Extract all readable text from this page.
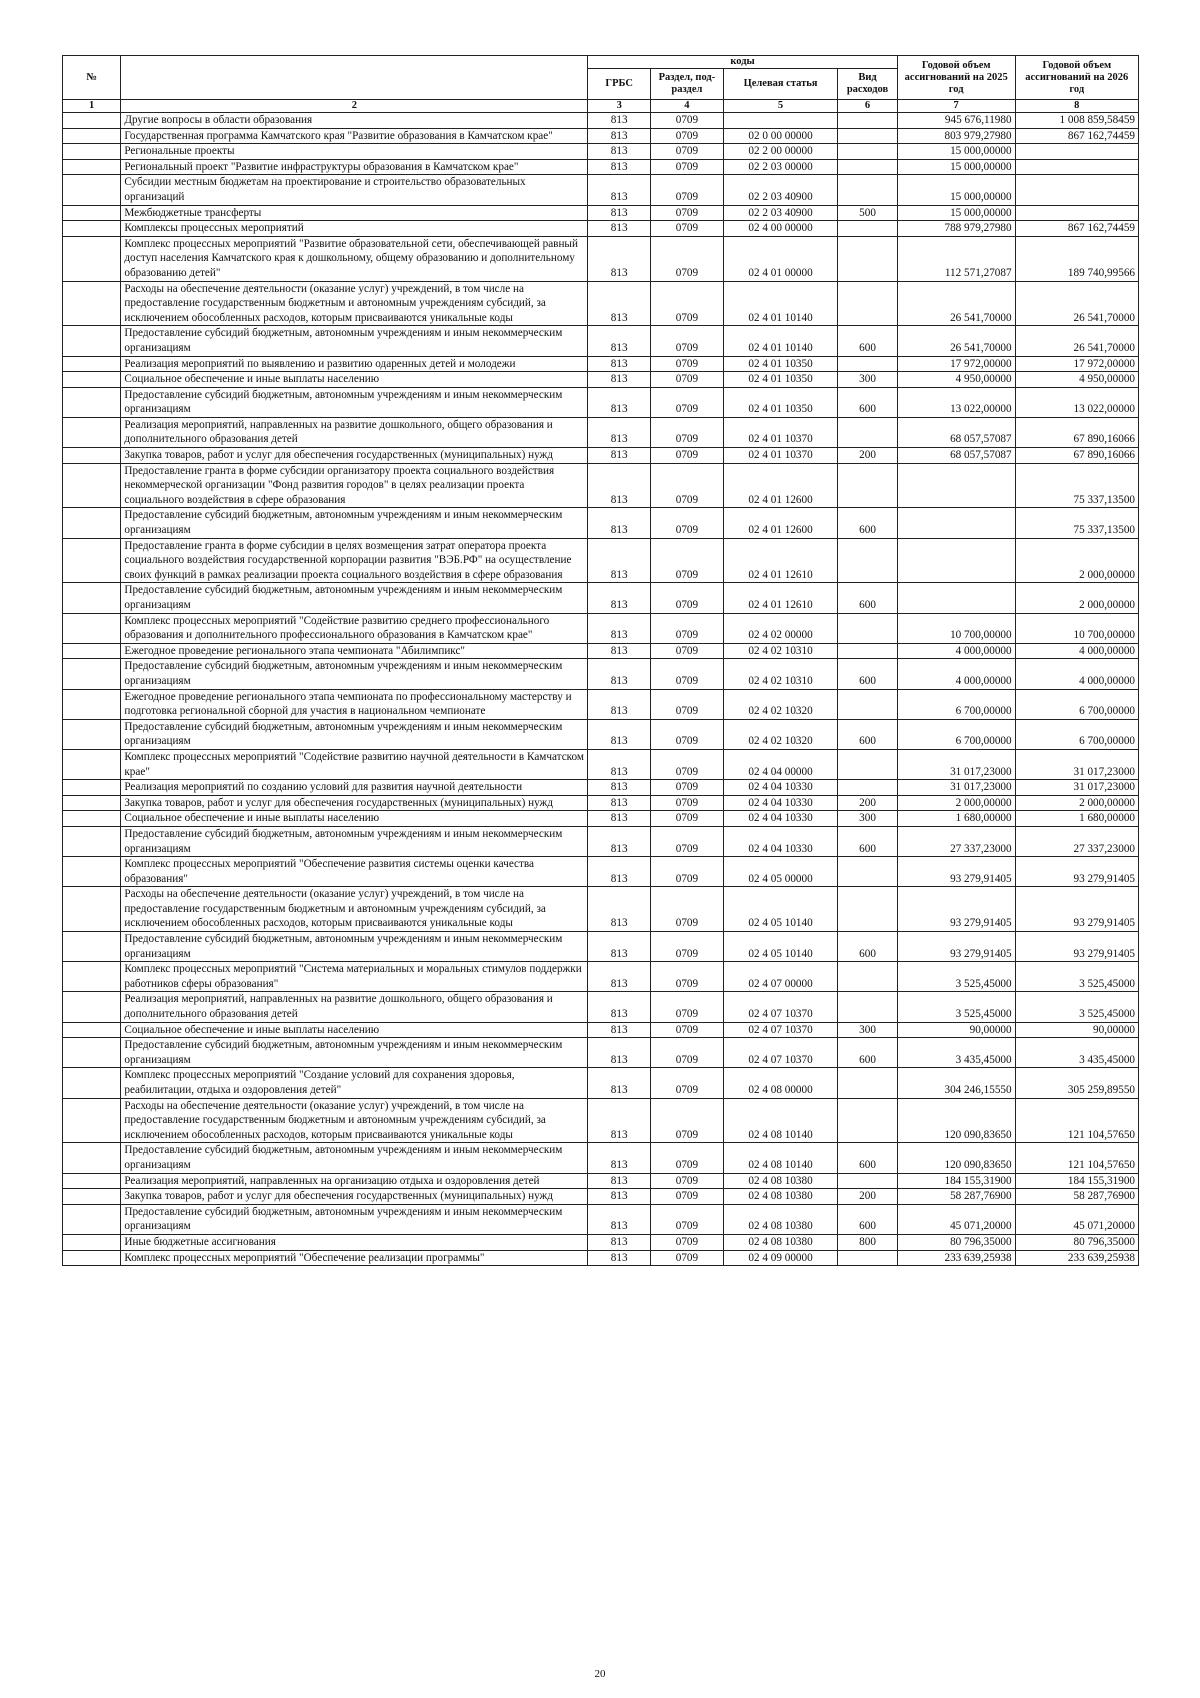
№		коды				Годовой объем ассигнований на 2025 год	Годовой объем ассигнований на 2026 год
		ГРБС	Раздел, под-раздел	Целевая статья	Вид расходов		
1	2	3	4	5	6	7	8
	Другие вопросы в области образования	813	0709			945 676,11980	1 008 859,58459
	Государственная программа Камчатского края "Развитие образования в Камчатском крае"	813	0709	02 0 00 00000		803 979,27980	867 162,74459
	Региональные проекты	813	0709	02 2 00 00000		15 000,00000	
	Региональный проект "Развитие инфраструктуры образования в Камчатском крае"	813	0709	02 2 03 00000		15 000,00000	
	Субсидии местным бюджетам на проектирование и строительство образовательных организаций	813	0709	02 2 03 40900		15 000,00000	
	Межбюджетные трансферты	813	0709	02 2 03 40900	500	15 000,00000	
	Комплексы процессных мероприятий	813	0709	02 4 00 00000		788 979,27980	867 162,74459
	Комплекс процессных мероприятий "Развитие образовательной сети, обеспечивающей равный доступ населения Камчатского края к дошкольному, общему образованию и дополнительному образованию детей"	813	0709	02 4 01 00000		112 571,27087	189 740,99566
	Расходы на обеспечение деятельности (оказание услуг) учреждений, в том числе на предоставление государственным бюджетным и автономным учреждениям субсидий, за исключением обособленных расходов, которым присваиваются уникальные коды	813	0709	02 4 01 10140		26 541,70000	26 541,70000
	Предоставление субсидий бюджетным, автономным учреждениям и иным некоммерческим организациям	813	0709	02 4 01 10140	600	26 541,70000	26 541,70000
	Реализация мероприятий по выявлению и развитию одаренных детей и молодежи	813	0709	02 4 01 10350		17 972,00000	17 972,00000
	Социальное обеспечение и иные выплаты населению	813	0709	02 4 01 10350	300	4 950,00000	4 950,00000
	Предоставление субсидий бюджетным, автономным учреждениям и иным некоммерческим организациям	813	0709	02 4 01 10350	600	13 022,00000	13 022,00000
	Реализация мероприятий, направленных на развитие дошкольного, общего образования и дополнительного образования детей	813	0709	02 4 01 10370		68 057,57087	67 890,16066
	Закупка товаров, работ и услуг для обеспечения государственных (муниципальных) нужд	813	0709	02 4 01 10370	200	68 057,57087	67 890,16066
	Предоставление гранта в форме субсидии организатору проекта социального воздействия некоммерческой организации "Фонд развития городов" в целях реализации проекта социального воздействия в сфере образования	813	0709	02 4 01 12600			75 337,13500
	Предоставление субсидий бюджетным, автономным учреждениям и иным некоммерческим организациям	813	0709	02 4 01 12600	600		75 337,13500
	Предоставление гранта в форме субсидии в целях возмещения затрат оператора проекта социального воздействия государственной корпорации развития "ВЭБ.РФ" на осуществление своих функций в рамках реализации проекта социального воздействия в сфере образования	813	0709	02 4 01 12610			2 000,00000
	Предоставление субсидий бюджетным, автономным учреждениям и иным некоммерческим организациям	813	0709	02 4 01 12610	600		2 000,00000
	Комплекс процессных мероприятий "Содействие развитию среднего профессионального образования и дополнительного профессионального образования в Камчатском крае"	813	0709	02 4 02 00000		10 700,00000	10 700,00000
	Ежегодное проведение регионального этапа чемпионата "Абилимпикс"	813	0709	02 4 02 10310		4 000,00000	4 000,00000
	Предоставление субсидий бюджетным, автономным учреждениям и иным некоммерческим организациям	813	0709	02 4 02 10310	600	4 000,00000	4 000,00000
	Ежегодное проведение регионального этапа чемпионата по профессиональному мастерству и подготовка региональной сборной для участия в национальном чемпионате	813	0709	02 4 02 10320		6 700,00000	6 700,00000
	Предоставление субсидий бюджетным, автономным учреждениям и иным некоммерческим организациям	813	0709	02 4 02 10320	600	6 700,00000	6 700,00000
	Комплекс процессных мероприятий "Содействие развитию научной деятельности в Камчатском крае"	813	0709	02 4 04 00000		31 017,23000	31 017,23000
	Реализация мероприятий по созданию условий для развития научной деятельности	813	0709	02 4 04 10330		31 017,23000	31 017,23000
	Закупка товаров, работ и услуг для обеспечения государственных (муниципальных) нужд	813	0709	02 4 04 10330	200	2 000,00000	2 000,00000
	Социальное обеспечение и иные выплаты населению	813	0709	02 4 04 10330	300	1 680,00000	1 680,00000
	Предоставление субсидий бюджетным, автономным учреждениям и иным некоммерческим организациям	813	0709	02 4 04 10330	600	27 337,23000	27 337,23000
	Комплекс процессных мероприятий "Обеспечение развития системы оценки качества образования"	813	0709	02 4 05 00000		93 279,91405	93 279,91405
	Расходы на обеспечение деятельности (оказание услуг) учреждений, в том числе на предоставление государственным бюджетным и автономным учреждениям субсидий, за исключением обособленных расходов, которым присваиваются уникальные коды	813	0709	02 4 05 10140		93 279,91405	93 279,91405
	Предоставление субсидий бюджетным, автономным учреждениям и иным некоммерческим организациям	813	0709	02 4 05 10140	600	93 279,91405	93 279,91405
	Комплекс процессных мероприятий "Система материальных и моральных стимулов поддержки работников сферы образования"	813	0709	02 4 07 00000		3 525,45000	3 525,45000
	Реализация мероприятий, направленных на развитие дошкольного, общего образования и дополнительного образования детей	813	0709	02 4 07 10370		3 525,45000	3 525,45000
	Социальное обеспечение и иные выплаты населению	813	0709	02 4 07 10370	300	90,00000	90,00000
	Предоставление субсидий бюджетным, автономным учреждениям и иным некоммерческим организациям	813	0709	02 4 07 10370	600	3 435,45000	3 435,45000
	Комплекс процессных мероприятий "Создание условий для сохранения здоровья, реабилитации, отдыха и оздоровления детей"	813	0709	02 4 08 00000		304 246,15550	305 259,89550
	Расходы на обеспечение деятельности (оказание услуг) учреждений, в том числе на предоставление государственным бюджетным и автономным учреждениям субсидий, за исключением обособленных расходов, которым присваиваются уникальные коды	813	0709	02 4 08 10140		120 090,83650	121 104,57650
	Предоставление субсидий бюджетным, автономным учреждениям и иным некоммерческим организациям	813	0709	02 4 08 10140	600	120 090,83650	121 104,57650
	Реализация мероприятий, направленных на организацию отдыха и оздоровления детей	813	0709	02 4 08 10380		184 155,31900	184 155,31900
	Закупка товаров, работ и услуг для обеспечения государственных (муниципальных) нужд	813	0709	02 4 08 10380	200	58 287,76900	58 287,76900
	Предоставление субсидий бюджетным, автономным учреждениям и иным некоммерческим организациям	813	0709	02 4 08 10380	600	45 071,20000	45 071,20000
	Иные бюджетные ассигнования	813	0709	02 4 08 10380	800	80 796,35000	80 796,35000
	Комплекс процессных мероприятий "Обеспечение реализации программы"	813	0709	02 4 09 00000		233 639,25938	233 639,25938
20
